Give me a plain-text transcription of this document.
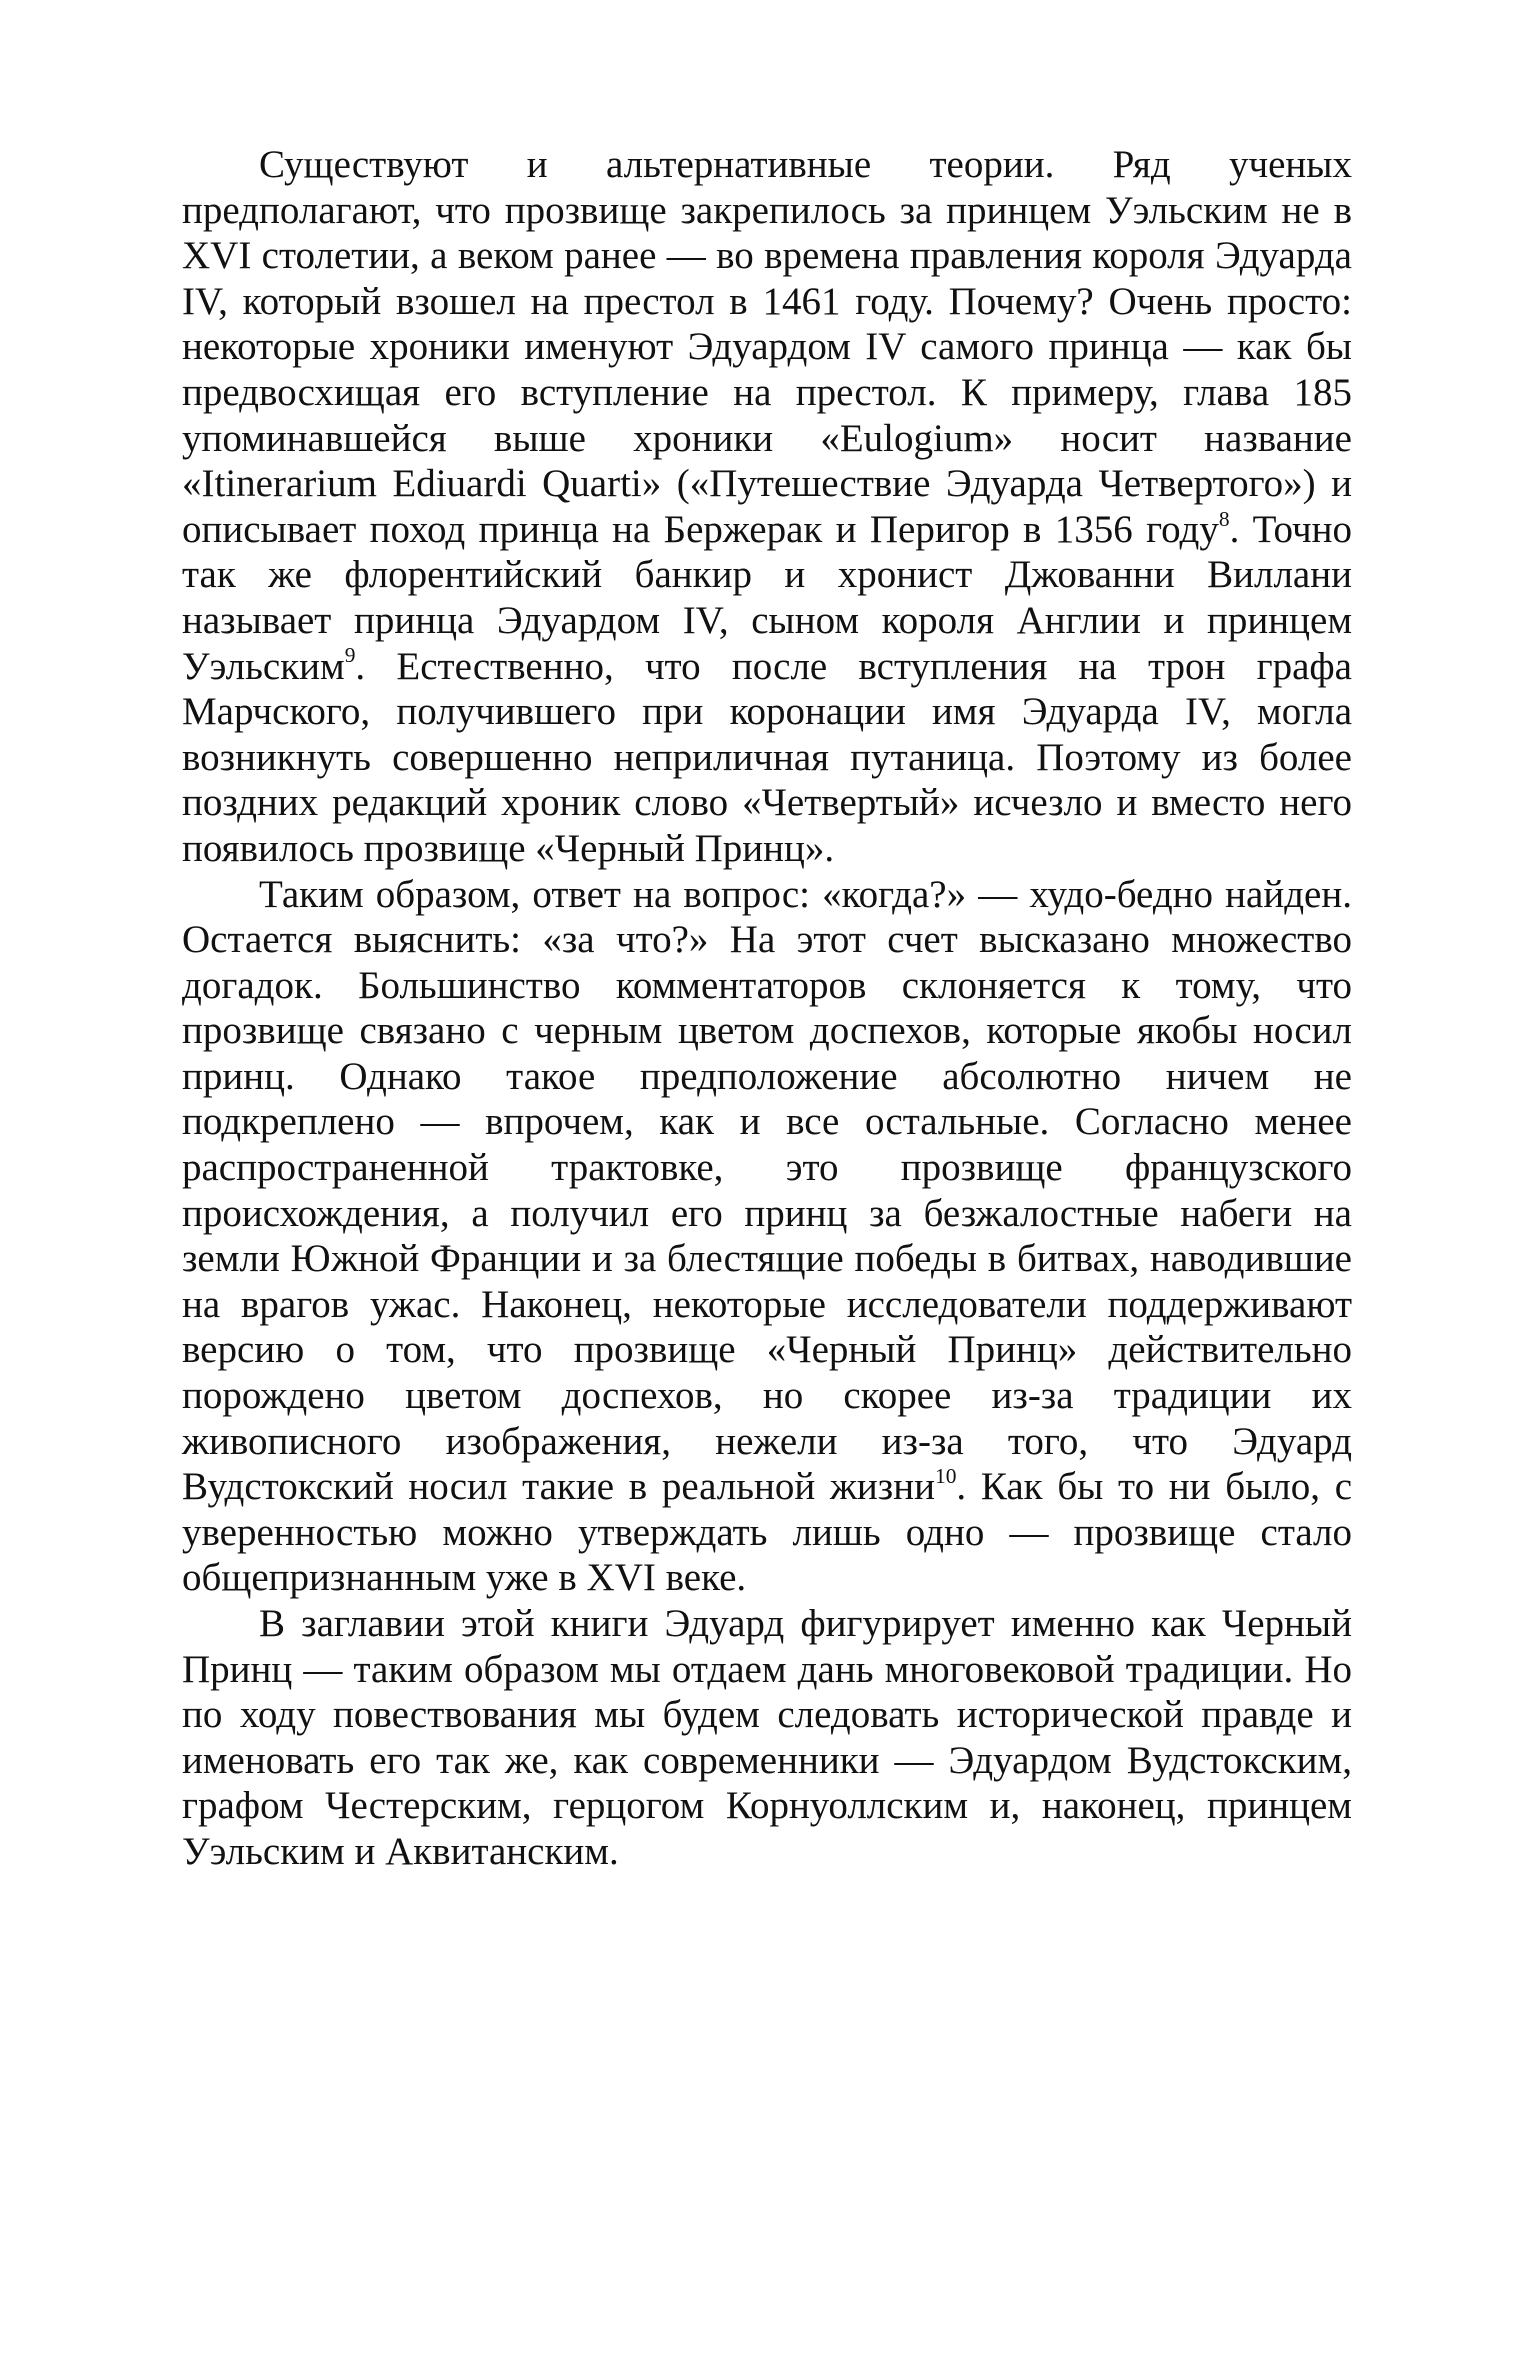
Существуют и альтернативные теории. Ряд ученых предполагают, что прозвище закрепилось за принцем Уэльским не в XVI столетии, а веком ранее — во времена правления короля Эдуарда IV, который взошел на престол в 1461 году. Почему? Очень просто: некоторые хроники именуют Эдуардом IV самого принца — как бы предвосхищая его вступление на престол. К примеру, глава 185 упоминавшейся выше хроники «Eulogium» носит название «Itinerarium Ediuardi Quarti» («Путешествие Эдуарда Четвертого») и описывает поход принца на Бержерак и Перигор в 1356 году$^8$. Точно так же флорентийский банкир и хронист Джованни Виллани называет принца Эдуардом IV, сыном короля Англии и принцем Уэльским$^9$. Естественно, что после вступления на трон графа Марчского, получившего при коронации имя Эдуарда IV, могла возникнуть совершенно неприличная путаница. Поэтому из более поздних редакций хроник слово «Четвертый» исчезло и вместо него появилось прозвище «Черный Принц».

Таким образом, ответ на вопрос: «когда?» — худо-бедно найден. Остается выяснить: «за что?» На этот счет высказано множество догадок. Большинство комментаторов склоняется к тому, что прозвище связано с черным цветом доспехов, которые якобы носил принц. Однако такое предположение абсолютно ничем не подкреплено — впрочем, как и все остальные. Согласно менее распространенной трактовке, это прозвище французского происхождения, а получил его принц за безжалостные набеги на земли Южной Франции и за блестящие победы в битвах, наводившие на врагов ужас. Наконец, некоторые исследователи поддерживают версию о том, что прозвище «Черный Принц» действительно порождено цветом доспехов, но скорее из-за традиции их живописного изображения, нежели из-за того, что Эдуард Вудстокский носил такие в реальной жизни$^{10}$. Как бы то ни было, с уверенностью можно утверждать лишь одно — прозвище стало общепризнанным уже в XVI веке.

В заглавии этой книги Эдуард фигурирует именно как Черный Принц — таким образом мы отдаем дань многовековой традиции. Но по ходу повествования мы будем следовать исторической правде и именовать его так же, как современники — Эдуардом Вудстокским, графом Честерским, герцогом Корнуоллским и, наконец, принцем Уэльским и Аквитанским.
